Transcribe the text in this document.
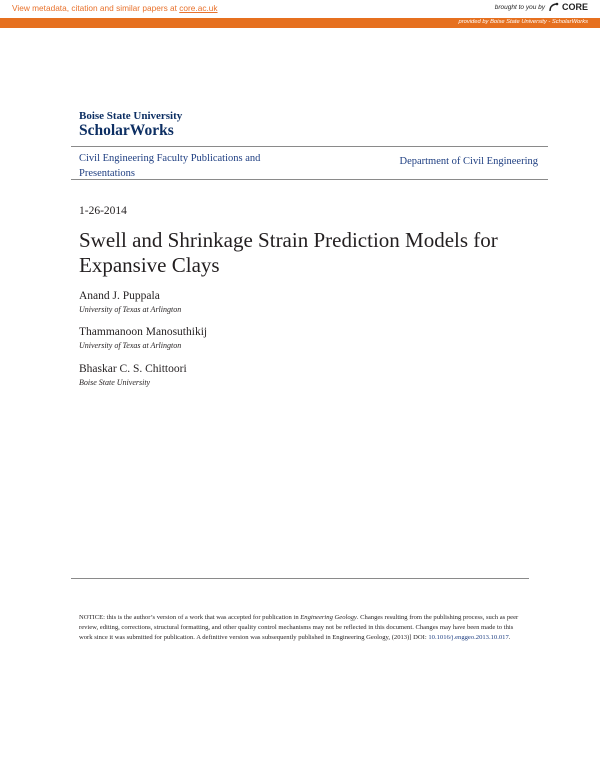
View metadata, citation and similar papers at core.ac.uk	brought to you by CORE
provided by Boise State University - ScholarWorks
Boise State University
ScholarWorks
Civil Engineering Faculty Publications and Presentations
Department of Civil Engineering
1-26-2014
Swell and Shrinkage Strain Prediction Models for Expansive Clays
Anand J. Puppala
University of Texas at Arlington
Thammanoon Manosuthikij
University of Texas at Arlington
Bhaskar C. S. Chittoori
Boise State University
NOTICE: this is the author’s version of a work that was accepted for publication in Engineering Geology. Changes resulting from the publishing process, such as peer review, editing, corrections, structural formatting, and other quality control mechanisms may not be reflected in this document. Changes may have been made to this work since it was submitted for publication. A definitive version was subsequently published in Engineering Geology, (2013)] DOI: 10.1016/j.enggeo.2013.10.017.
